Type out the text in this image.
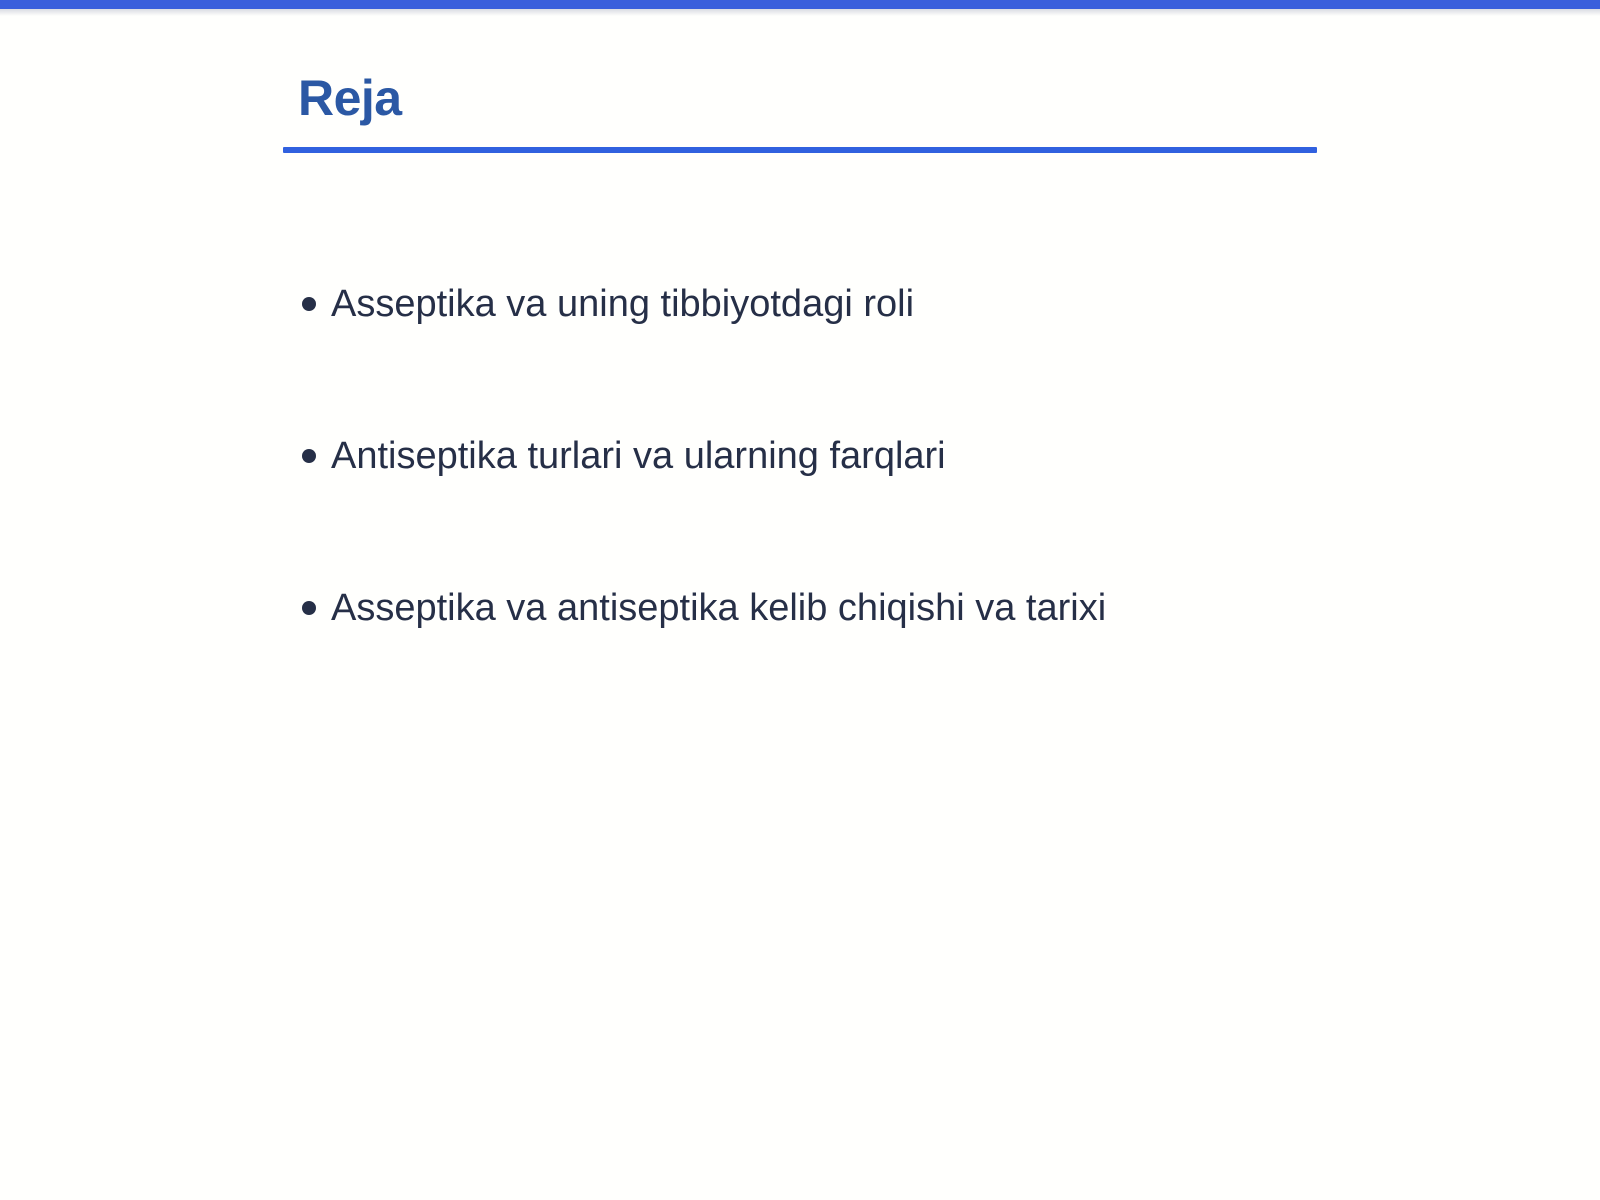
Reja
Asseptika va uning tibbiyotdagi roli
Antiseptika turlari va ularning farqlari
Asseptika va antiseptika kelib chiqishi va tarixi
